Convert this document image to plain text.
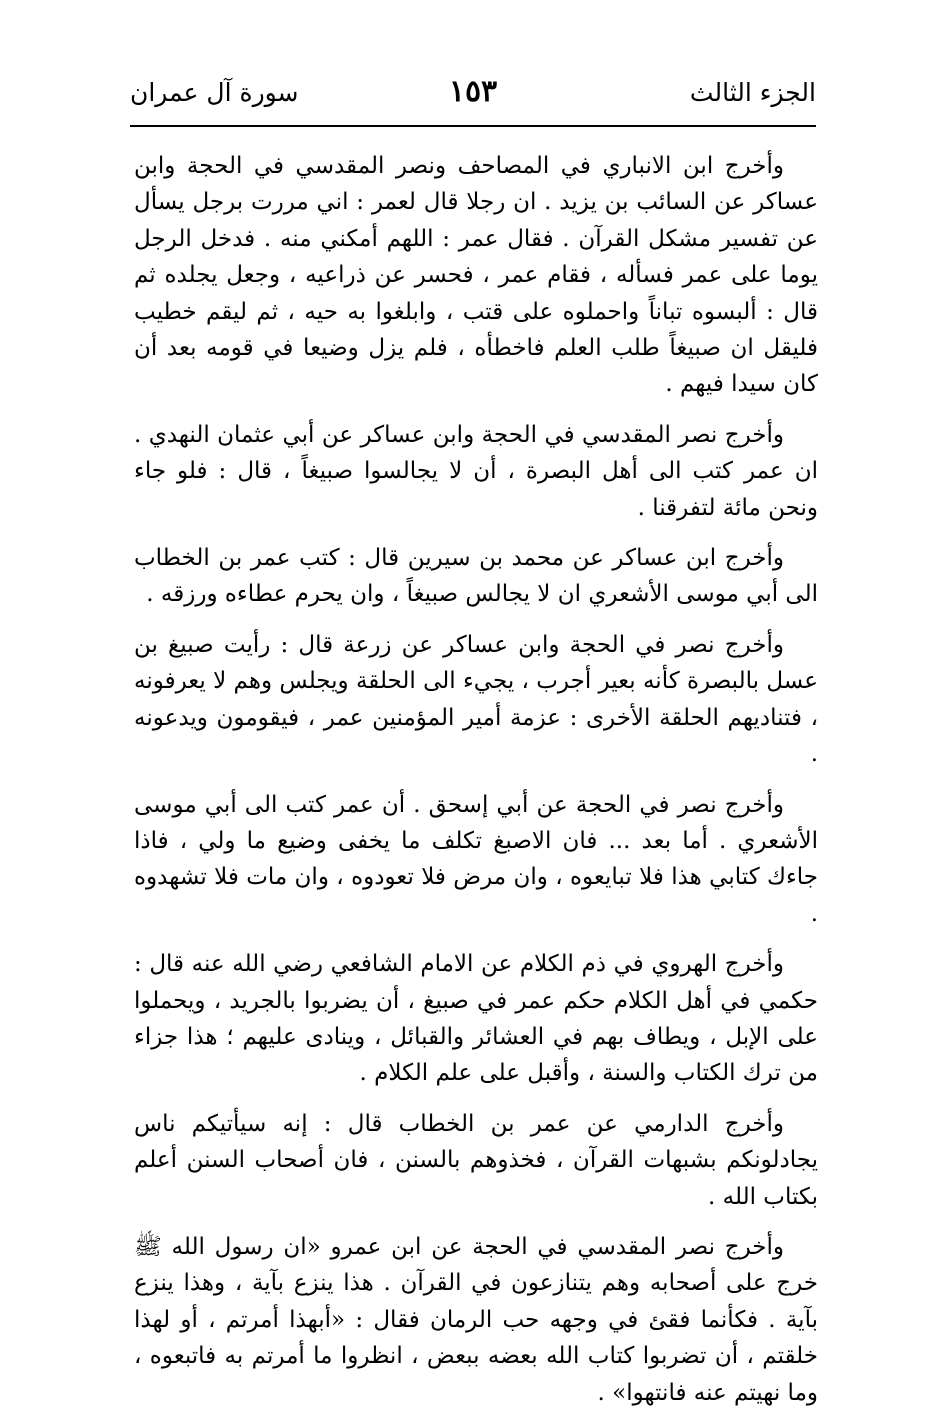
الجزء الثالث
١٥٣
سورة آل عمران

وأخرج ابن الانباري في المصاحف ونصر المقدسي في الحجة وابن عساكر عن السائب بن يزيد . ان رجلا قال لعمر : اني مررت برجل يسأل عن تفسير مشكل القرآن . فقال عمر : اللهم أمكني منه . فدخل الرجل يوما على عمر فسأله ، فقام عمر ، فحسر عن ذراعيه ، وجعل يجلده ثم قال : ألبسوه تباناً واحملوه على قتب ، وابلغوا به حيه ، ثم ليقم خطيب فليقل ان صبيغاً طلب العلم فاخطأه ، فلم يزل وضيعا في قومه بعد أن كان سيدا فيهم .

وأخرج نصر المقدسي في الحجة وابن عساكر عن أبي عثمان النهدي . ان عمر كتب الى أهل البصرة ، أن لا يجالسوا صبيغاً ، قال : فلو جاء ونحن مائة لتفرقنا .

وأخرج ابن عساكر عن محمد بن سيرين قال : كتب عمر بن الخطاب الى أبي موسى الأشعري ان لا يجالس صبيغاً ، وان يحرم عطاءه ورزقه .

وأخرج نصر في الحجة وابن عساكر عن زرعة قال : رأيت صبيغ بن عسل بالبصرة كأنه بعير أجرب ، يجيء الى الحلقة ويجلس وهم لا يعرفونه ، فتناديهم الحلقة الأخرى : عزمة أمير المؤمنين عمر ، فيقومون ويدعونه .

وأخرج نصر في الحجة عن أبي إسحق . أن عمر كتب الى أبي موسى الأشعري . أما بعد ... فان الاصبغ تكلف ما يخفى وضيع ما ولي ، فاذا جاءك كتابي هذا فلا تبايعوه ، وان مرض فلا تعودوه ، وان مات فلا تشهدوه .

وأخرج الهروي في ذم الكلام عن الامام الشافعي رضي الله عنه قال : حكمي في أهل الكلام حكم عمر في صبيغ ، أن يضربوا بالجريد ، ويحملوا على الإبل ، ويطاف بهم في العشائر والقبائل ، وينادى عليهم ؛ هذا جزاء من ترك الكتاب والسنة ، وأقبل على علم الكلام .

وأخرج الدارمي عن عمر بن الخطاب قال : إنه سيأتيكم ناس يجادلونكم بشبهات القرآن ، فخذوهم بالسنن ، فان أصحاب السنن أعلم بكتاب الله .

وأخرج نصر المقدسي في الحجة عن ابن عمرو «ان رسول الله ﷺ خرج على أصحابه وهم يتنازعون في القرآن . هذا ينزع بآية ، وهذا ينزع بآية . فكأنما فقئ في وجهه حب الرمان فقال : «أبهذا أمرتم ، أو لهذا خلقتم ، أن تضربوا كتاب الله بعضه ببعض ، انظروا ما أمرتم به فاتبعوه ، وما نهيتم عنه فانتهوا» .
